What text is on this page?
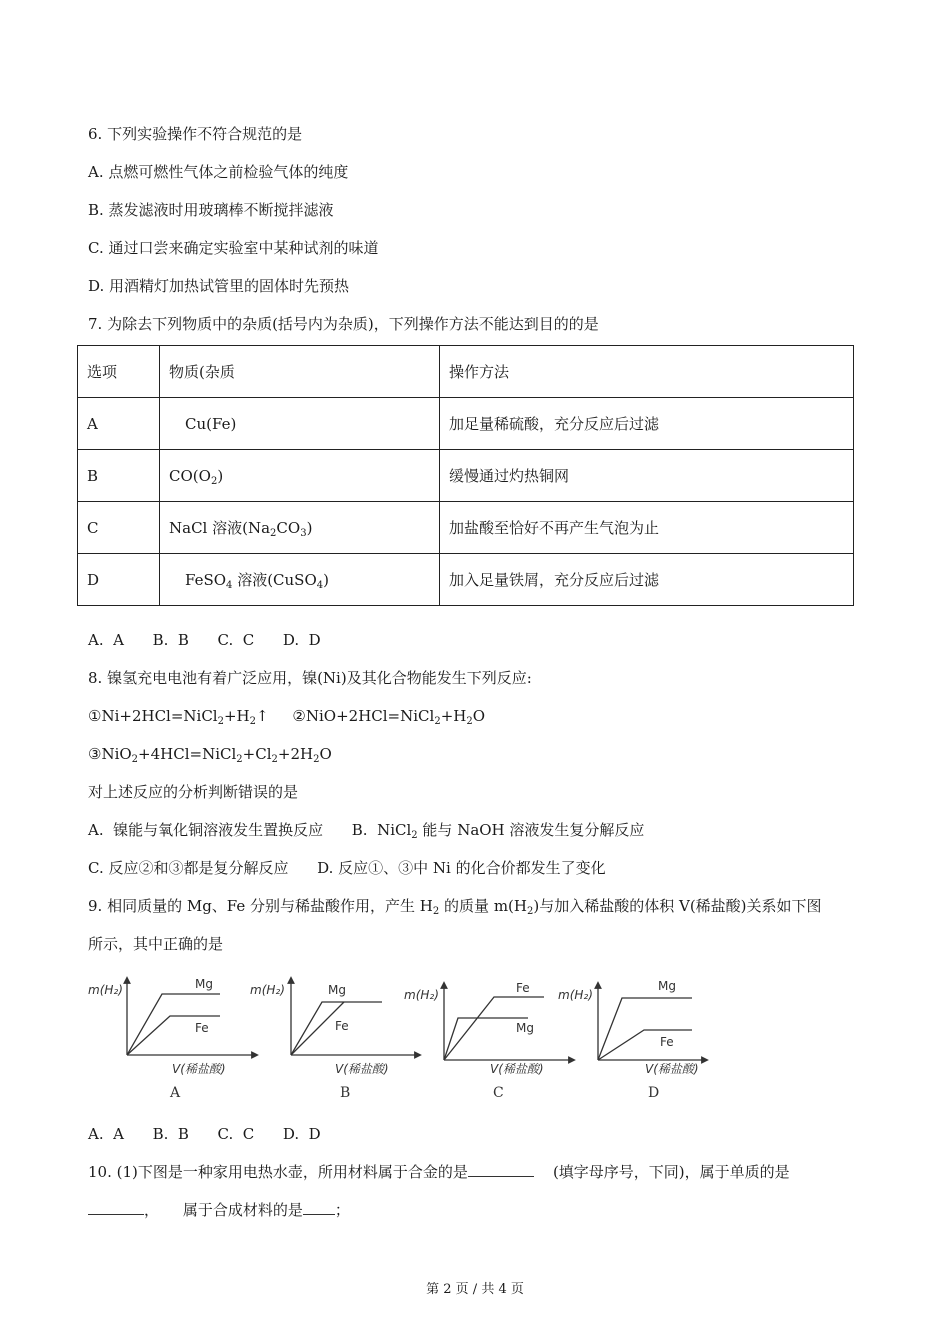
6. 下列实验操作不符合规范的是
A. 点燃可燃性气体之前检验气体的纯度
B. 蒸发滤液时用玻璃棒不断搅拌滤液
C. 通过口尝来确定实验室中某种试剂的味道
D. 用酒精灯加热试管里的固体时先预热
7. 为除去下列物质中的杂质(括号内为杂质)，下列操作方法不能达到目的的是
选项	物质(杂质	操作方法
A	Cu(Fe)	加足量稀硫酸，充分反应后过滤
B	$CO(O_2)$	缓慢通过灼热铜网
C	NaCl 溶液$(Na_2CO_3)$	加盐酸至恰好不再产生气泡为止
D	FeSO$_4$ 溶液(CuSO$_4$)	加入足量铁屑，充分反应后过滤
A.  A      B.  B      C.  C      D.  D
8. 镍氢充电电池有着广泛应用，镍(Ni)及其化合物能发生下列反应:
$①Ni+2HCl=NiCl_2+H_2↑$     $②NiO+2HCl=NiCl_2+H_2O$
$③NiO_2+4HCl=NiCl_2+Cl_2+2H_2O$
对上述反应的分析判断错误的是
A.  镍能与氧化铜溶液发生置换反应      B.  NiCl$_2$ 能与 NaOH 溶液发生复分解反应
C. 反应②和③都是复分解反应 D. 反应①、③中 Ni 的化合价都发生了变化
9. 相同质量的 Mg、Fe 分别与稀盐酸作用，产生 $H_2$ 的质量 $m(H_2)$与加入稀盐酸的体积 V(稀盐酸)关系如下图
所示，其中正确的是
m(H₂)	Mg
Fe
V(稀盐酸)
A
m(H₂)	Mg
Fe
V(稀盐酸)
B
m(H₂)	Fe
Mg
V(稀盐酸)
C
m(H₂)
Mg
Fe
V(稀盐酸)
D
A.  A      B.  B      C.  C      D.  D
10. (1)下图是一种家用电热水壶，所用材料属于合金的是	(填字母序号，下同)，属于单质的是
， 属于合成材料的是 ；
第 2 页 / 共 4 页
